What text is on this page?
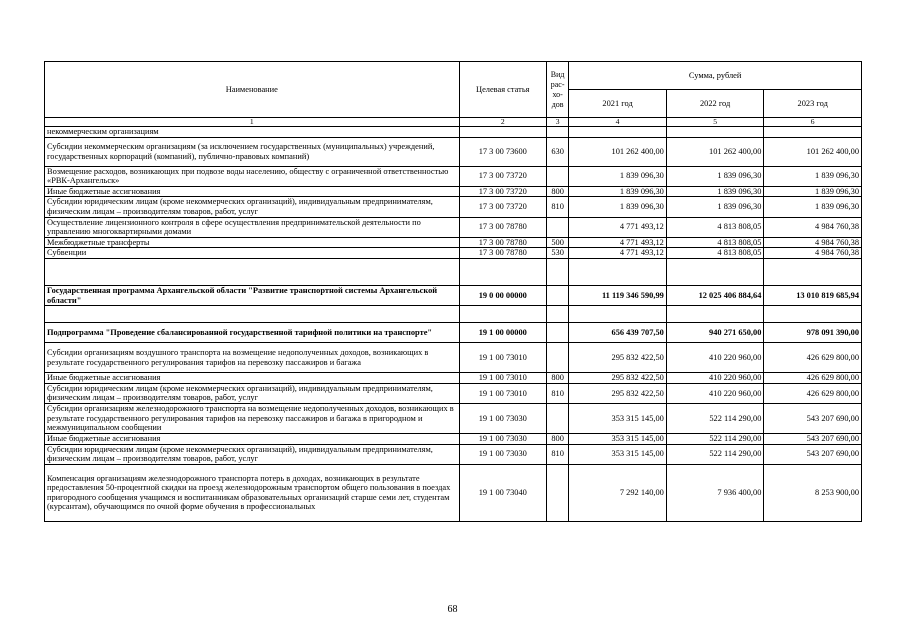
Наименование	Целевая статья	Вид рас-хо-дов	Сумма, рублей		
			2021 год	2022 год	2023 год
1	2	3	4	5	6
некоммерческим организациям					
Субсидии некоммерческим организациям (за исключением государственных (муниципальных) учреждений, государственных корпораций (компаний), публично-правовых компаний)	17 3 00 73600	630	101 262 400,00	101 262 400,00	101 262 400,00
Возмещение расходов, возникающих при подвозе воды населению, обществу с ограниченной ответственностью «РВК-Архангельск»	17 3 00 73720		1 839 096,30	1 839 096,30	1 839 096,30
Иные бюджетные ассигнования	17 3 00 73720	800	1 839 096,30	1 839 096,30	1 839 096,30
Субсидии юридическим лицам (кроме некоммерческих организаций), индивидуальным предпринимателям, физическим лицам – производителям товаров, работ, услуг	17 3 00 73720	810	1 839 096,30	1 839 096,30	1 839 096,30
Осуществление лицензионного контроля в сфере осуществления предпринимательской деятельности по управлению многоквартирными домами	17 3 00 78780		4 771 493,12	4 813 808,05	4 984 760,38
Межбюджетные трансферты	17 3 00 78780	500	4 771 493,12	4 813 808,05	4 984 760,38
Субвенции	17 3 00 78780	530	4 771 493,12	4 813 808,05	4 984 760,38

Государственная программа Архангельской области "Развитие транспортной системы Архангельской области"	19 0 00 00000		11 119 346 590,99	12 025 406 884,64	13 010 819 685,94

Подпрограмма "Проведение сбалансированной государственной тарифной политики на транспорте"	19 1 00 00000		656 439 707,50	940 271 650,00	978 091 390,00
Субсидии организациям воздушного транспорта на возмещение недополученных доходов, возникающих в результате государственного регулирования тарифов на перевозку пассажиров и багажа	19 1 00 73010		295 832 422,50	410 220 960,00	426 629 800,00
Иные бюджетные ассигнования	19 1 00 73010	800	295 832 422,50	410 220 960,00	426 629 800,00
Субсидии юридическим лицам (кроме некоммерческих организаций), индивидуальным предпринимателям, физическим лицам – производителям товаров, работ, услуг	19 1 00 73010	810	295 832 422,50	410 220 960,00	426 629 800,00
Субсидии организациям железнодорожного транспорта на возмещение недополученных доходов, возникающих в результате государственного регулирования тарифов на перевозку пассажиров и багажа в пригородном и межмуниципальном сообщении	19 1 00 73030		353 315 145,00	522 114 290,00	543 207 690,00
Иные бюджетные ассигнования	19 1 00 73030	800	353 315 145,00	522 114 290,00	543 207 690,00
Субсидии юридическим лицам (кроме некоммерческих организаций), индивидуальным предпринимателям, физическим лицам – производителям товаров, работ, услуг	19 1 00 73030	810	353 315 145,00	522 114 290,00	543 207 690,00
Компенсация организациям железнодорожного транспорта потерь в доходах, возникающих в результате предоставления 50-процентной скидки на проезд железнодорожным транспортом общего пользования в поездах пригородного сообщения учащимся и воспитанникам образовательных организаций старше семи лет, студентам (курсантам), обучающимся по очной форме обучения в профессиональных	19 1 00 73040		7 292 140,00	7 936 400,00	8 253 900,00
68
